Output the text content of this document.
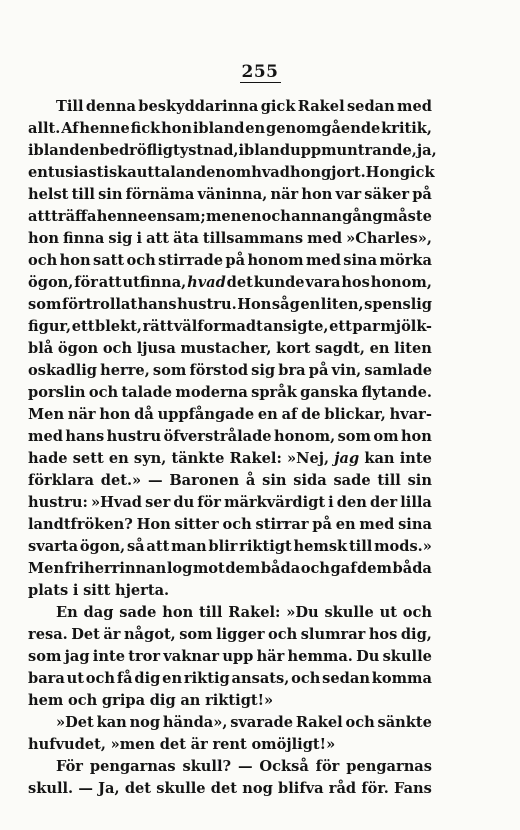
255
Till denna beskyddarinna gick Rakel sedan med
allt. Af henne fick hon ibland en genomgående kritik,
ibland en bedröflig tystnad, ibland uppmuntrande, ja,
entusiastiska uttalanden om hvad hon gjort. Hon gick
helst till sin förnäma väninna, när hon var säker på
att träffa henne ensam; men en och annan gång måste
hon finna sig i att äta tillsammans med »Charles»,
och hon satt och stirrade på honom med sina mörka
ögon, för att utfinna, hvad det kunde vara hos honom,
som förtrollat hans hustru. Hon såg en liten, spenslig
figur, ett blekt, rätt välformadt ansigte, ett par mjölk-
blå ögon och ljusa mustacher, kort sagdt, en liten
oskadlig herre, som förstod sig bra på vin, samlade
porslin och talade moderna språk ganska flytande.
Men när hon då uppfångade en af de blickar, hvar-
med hans hustru öfverstrålade honom, som om hon
hade sett en syn, tänkte Rakel: »Nej, jag kan inte
förklara det.» — Baronen å sin sida sade till sin
hustru: »Hvad ser du för märkvärdigt i den der lilla
landtfröken? Hon sitter och stirrar på en med sina
svarta ögon, så att man blir riktigt hemsk till mods.»
Men friherrinnan log mot dem båda och gaf dem båda
plats i sitt hjerta.
En dag sade hon till Rakel: »Du skulle ut och
resa. Det är något, som ligger och slumrar hos dig,
som jag inte tror vaknar upp här hemma. Du skulle
bara ut och få dig en riktig ansats, och sedan komma
hem och gripa dig an riktigt!»
»Det kan nog hända», svarade Rakel och sänkte
hufvudet, »men det är rent omöjligt!»
För pengarnas skull? — Också för pengarnas
skull. — Ja, det skulle det nog blifva råd för. Fans
